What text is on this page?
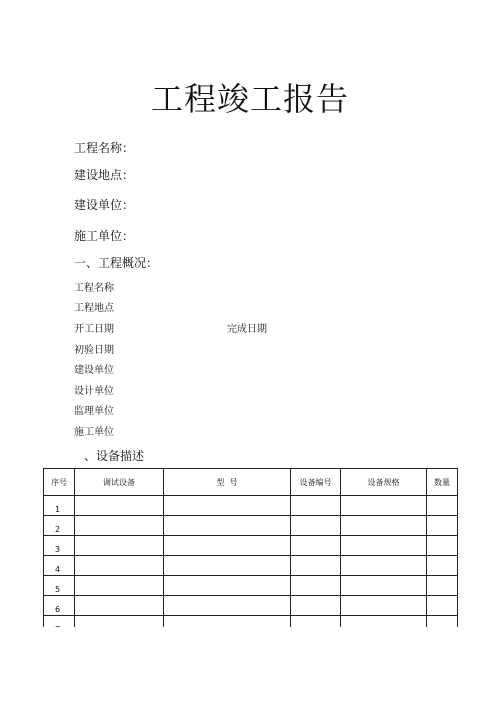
工程竣工报告
工程名称：
建设地点：
建设单位：
施工单位：
一、工程概况：
工程名称
工程地点
开工日期	完成日期
初验日期
建设单位
设计单位
监理单位
施工单位
、设备描述
序号	调试设备	型  号	设备编号	设备规格	数量
1					
2					
3					
4					
5					
6					
